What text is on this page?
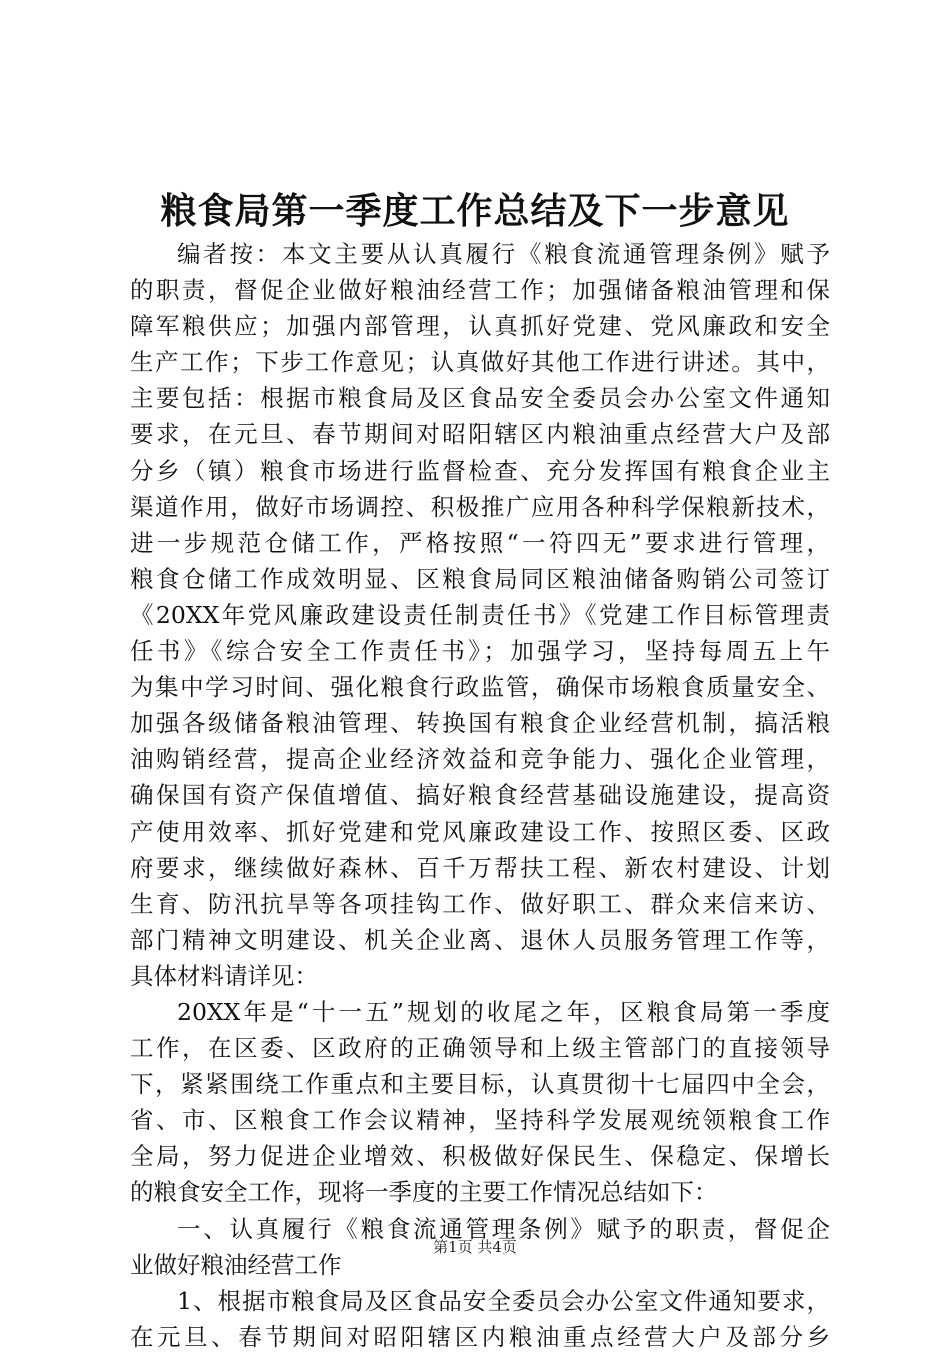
粮食局第一季度工作总结及下一步意见
编者按：本文主要从认真履行《粮食流通管理条例》赋予
的职责，督促企业做好粮油经营工作；加强储备粮油管理和保
障军粮供应；加强内部管理，认真抓好党建、党风廉政和安全
生产工作；下步工作意见；认真做好其他工作进行讲述。其中，
主要包括：根据市粮食局及区食品安全委员会办公室文件通知
要求，在元旦、春节期间对昭阳辖区内粮油重点经营大户及部
分乡（镇）粮食市场进行监督检查、充分发挥国有粮食企业主
渠道作用，做好市场调控、积极推广应用各种科学保粮新技术，
进一步规范仓储工作，严格按照“一符四无”要求进行管理，
粮食仓储工作成效明显、区粮食局同区粮油储备购销公司签订
《20XX年党风廉政建设责任制责任书》《党建工作目标管理责
任书》《综合安全工作责任书》；加强学习，坚持每周五上午
为集中学习时间、强化粮食行政监管，确保市场粮食质量安全、
加强各级储备粮油管理、转换国有粮食企业经营机制，搞活粮
油购销经营，提高企业经济效益和竞争能力、强化企业管理，
确保国有资产保值增值、搞好粮食经营基础设施建设，提高资
产使用效率、抓好党建和党风廉政建设工作、按照区委、区政
府要求，继续做好森林、百千万帮扶工程、新农村建设、计划
生育、防汛抗旱等各项挂钩工作、做好职工、群众来信来访、
部门精神文明建设、机关企业离、退休人员服务管理工作等，
具体材料请详见：
20XX年是“十一五”规划的收尾之年，区粮食局第一季度
工作，在区委、区政府的正确领导和上级主管部门的直接领导
下，紧紧围绕工作重点和主要目标，认真贯彻十七届四中全会，
省、市、区粮食工作会议精神，坚持科学发展观统领粮食工作
全局，努力促进企业增效、积极做好保民生、保稳定、保增长
的粮食安全工作，现将一季度的主要工作情况总结如下：
一、认真履行《粮食流通管理条例》赋予的职责，督促企
业做好粮油经营工作
1、根据市粮食局及区食品安全委员会办公室文件通知要求，
在元旦、春节期间对昭阳辖区内粮油重点经营大户及部分乡
第1页 共4页
